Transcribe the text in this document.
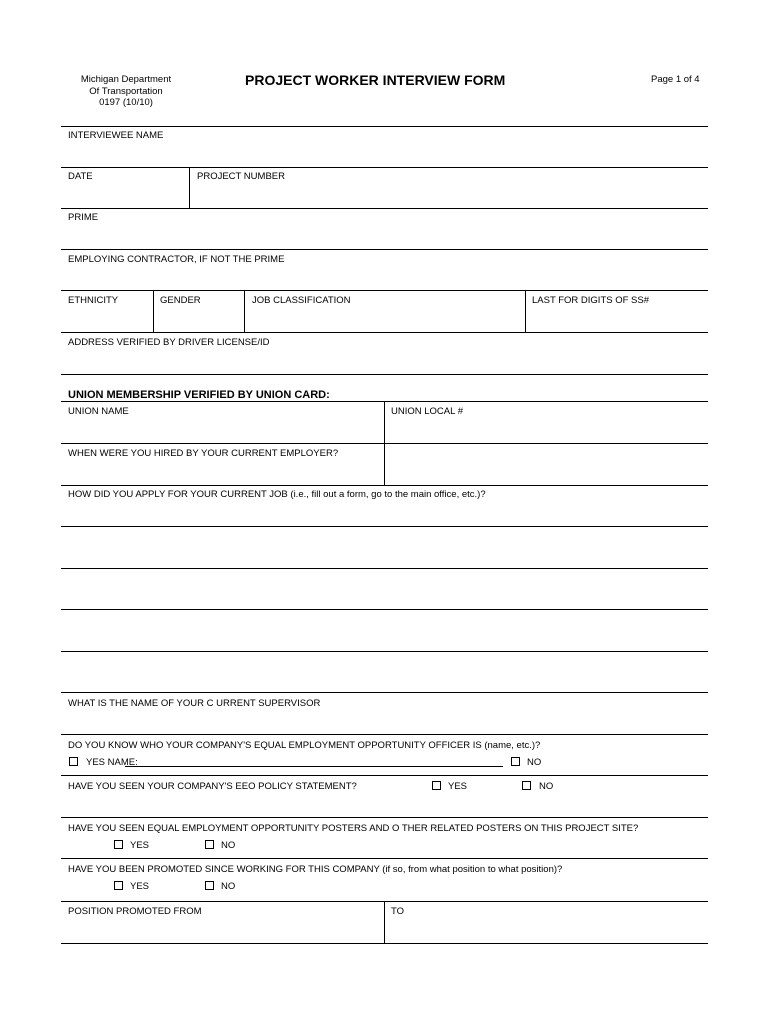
Michigan Department
Of Transportation
0197 (10/10)
PROJECT WORKER INTERVIEW FORM	Page 1 of 4
INTERVIEWEE NAME
DATE	PROJECT NUMBER
PRIME
EMPLOYING CONTRACTOR, IF NOT THE PRIME
ETHNICITY	GENDER	JOB CLASSIFICATION	LAST FOR DIGITS OF SS#
ADDRESS VERIFIED BY DRIVER LICENSE/ID
UNION MEMBERSHIP VERIFIED BY UNION CARD:
UNION NAME	UNION LOCAL #
WHEN WERE YOU HIRED BY YOUR CURRENT EMPLOYER?
HOW DID YOU APPLY FOR YOUR CURRENT JOB (i.e., fill out a form, go to the main office, etc.)?
WHAT IS THE NAME OF YOUR C URRENT SUPERVISOR
DO YOU KNOW WHO YOUR COMPANY'S EQUAL EMPLOYMENT OPPORTUNITY OFFICER IS (name, etc.)?
YES NAME:	NO
HAVE YOU SEEN YOUR COMPANY'S EEO POLICY STATEMENT?	YES	NO
HAVE YOU SEEN EQUAL EMPLOYMENT OPPORTUNITY POSTERS AND O THER RELATED POSTERS ON THIS PROJECT SITE?
YES	NO
HAVE YOU BEEN PROMOTED SINCE WORKING FOR THIS COMPANY (if so, from what position to what position)?
YES	NO
POSITION PROMOTED FROM	TO
